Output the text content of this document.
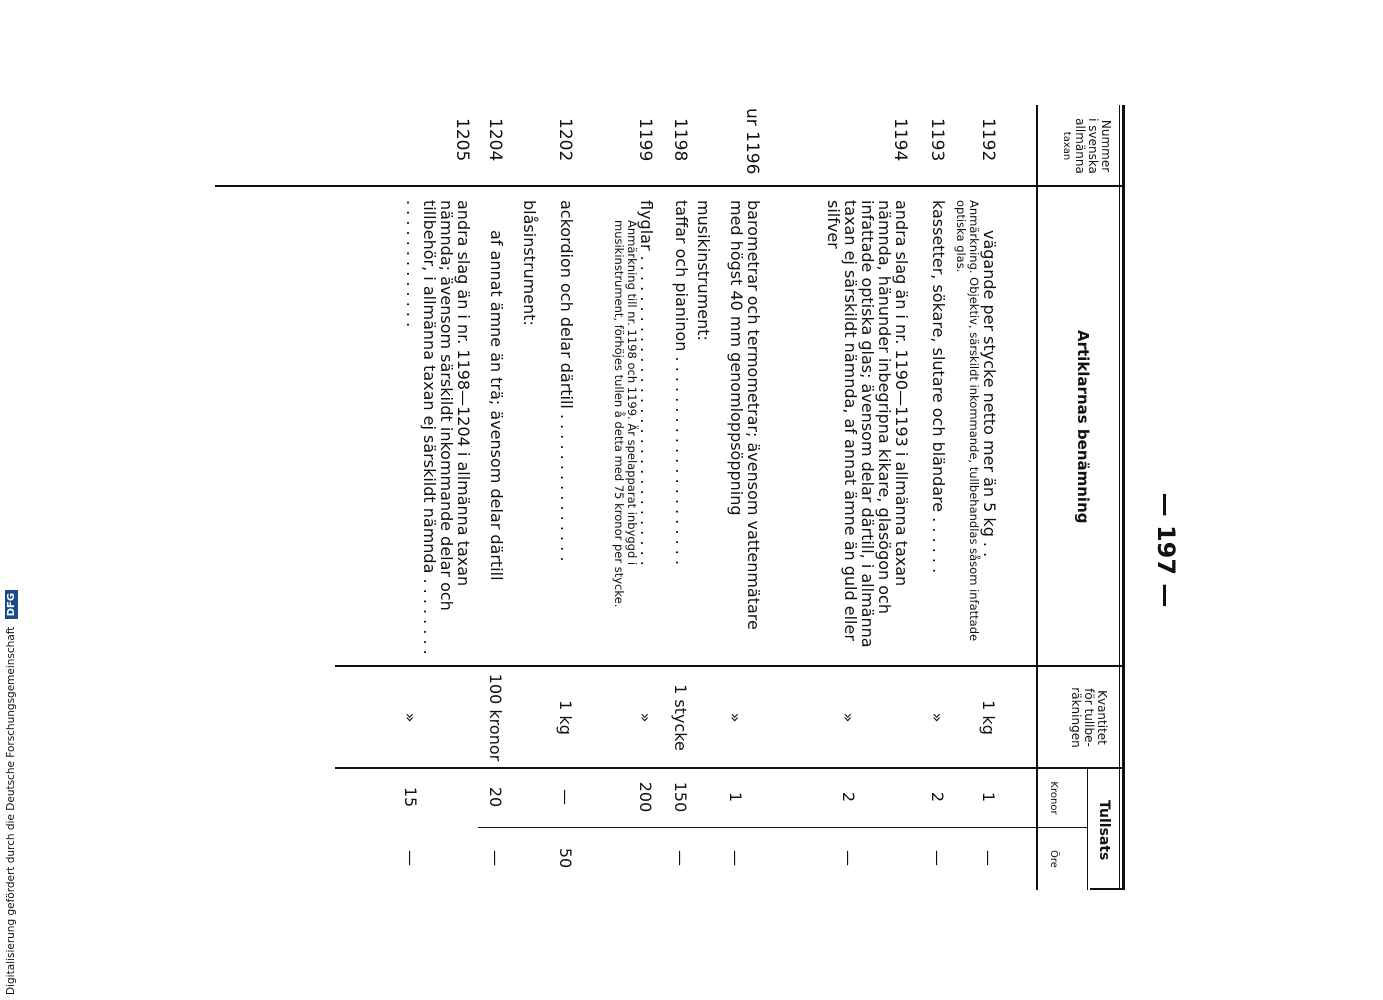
— 197 —
Nummer
i svenska
allmänna
taxan
Artiklarnas benämning
Kvantitet
för tullbe-
räkningen
Tullsats
Kronor
Öre
1192
vägande per stycke netto mer än 5 kg . .
1 kg
1
—
Anmärkning. Objektiv, särskildt inkommande, tullbehandlas såsom infattade optiska glas.
1193
kassetter, sökare, slutare och bländare . . . . . .
»
2
—
1194
andra slag än i nr. 1190—1193 i allmänna taxan nämnda, hänunder inbegripna kikare, glasögon och infattade optiska glas; ävensom delar därtill, i allmänna taxan ej särskildt nämnda, af annat ämne än guld eller silfver
»
2
—
ur 1196
barometrar och termometrar; ävensom vattenmätare med högst 40 mm genomloppsöppning
»
1
—
musikinstrument:
1198
taffar och pianinon . . . . . . . . . . . . . . . . . . . . .
1 stycke
150
—
1199
flyglar . . . . . . . . . . . . . . . . . . . . . . . . . . . . . . .
»
200
Anmärkning till nr. 1198 och 1199. Är spelapparat inbyggd i musikinstrument, förhöjes tullen å detta med 75 kronor per stycke.
1202
ackordion och delar därtill . . . . . . . . . . . . . . .
1 kg
—
50
blåsinstrument:
1204
af annat ämne än trä; ävensom delar därtill
100 kronor
20
—
1205
andra slag än i nr. 1198—1204 i allmänna taxan nämnda; ävensom särskildt inkommande delar och tillbehör, i allmänna taxan ej särskildt nämnda . . . . . . . . . . . . . . . . . . . . .
»
15
—
Digitalisierung gefördert durch die Deutsche Forschungsgemeinschaft DFG
